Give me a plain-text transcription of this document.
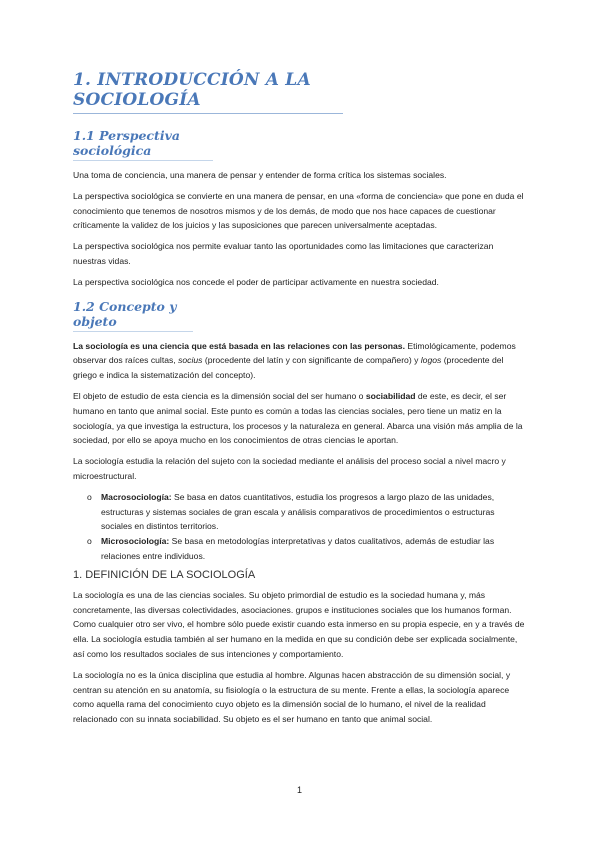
1. INTRODUCCIÓN A LA SOCIOLOGÍA
1.1 Perspectiva sociológica

Una toma de conciencia, una manera de pensar y entender de forma crítica los sistemas sociales.

La perspectiva sociológica se convierte en una manera de pensar, en una «forma de conciencia» que pone en duda el conocimiento que tenemos de nosotros mismos y de los demás, de modo que nos hace capaces de cuestionar críticamente la validez de los juicios y las suposiciones que parecen universalmente aceptadas.

La perspectiva sociológica nos permite evaluar tanto las oportunidades como las limitaciones que caracterizan nuestras vidas.

La perspectiva sociológica nos concede el poder de participar activamente en nuestra sociedad.

1.2 Concepto y objeto

La sociología es una ciencia que está basada en las relaciones con las personas. Etimológicamente, podemos observar dos raíces cultas, socius (procedente del latín y con significante de compañero) y logos (procedente del griego e indica la sistematización del concepto).

El objeto de estudio de esta ciencia es la dimensión social del ser humano o sociabilidad de este, es decir, el ser humano en tanto que animal social. Este punto es común a todas las ciencias sociales, pero tiene un matiz en la sociología, ya que investiga la estructura, los procesos y la naturaleza en general. Abarca una visión más amplia de la sociedad, por ello se apoya mucho en los conocimientos de otras ciencias le aportan.

La sociología estudia la relación del sujeto con la sociedad mediante el análisis del proceso social a nivel macro y microestructural.

o Macrosociología: Se basa en datos cuantitativos, estudia los progresos a largo plazo de las unidades, estructuras y sistemas sociales de gran escala y análisis comparativos de procedimientos o estructuras sociales en distintos territorios.
o Microsociología: Se basa en metodologías interpretativas y datos cualitativos, además de estudiar las relaciones entre individuos.
1. DEFINICIÓN DE LA SOCIOLOGÍA

La sociología es una de las ciencias sociales. Su objeto primordial de estudio es la sociedad humana y, más concretamente, las diversas colectividades, asociaciones. grupos e instituciones sociales que los humanos forman. Como cualquier otro ser vivo, el hombre sólo puede existir cuando esta inmerso en su propia especie, en y a través de ella. La sociología estudia también al ser humano en la medida en que su condición debe ser explicada socialmente, así como los resultados sociales de sus intenciones y comportamiento.

La sociología no es la única disciplina que estudia al hombre. Algunas hacen abstracción de su dimensión social, y centran su atención en su anatomía, su fisiología o la estructura de su mente. Frente a ellas, la sociología aparece como aquella rama del conocimiento cuyo objeto es la dimensión social de lo humano, el nivel de la realidad relacionado con su innata sociabilidad. Su objeto es el ser humano en tanto que animal social.

1
